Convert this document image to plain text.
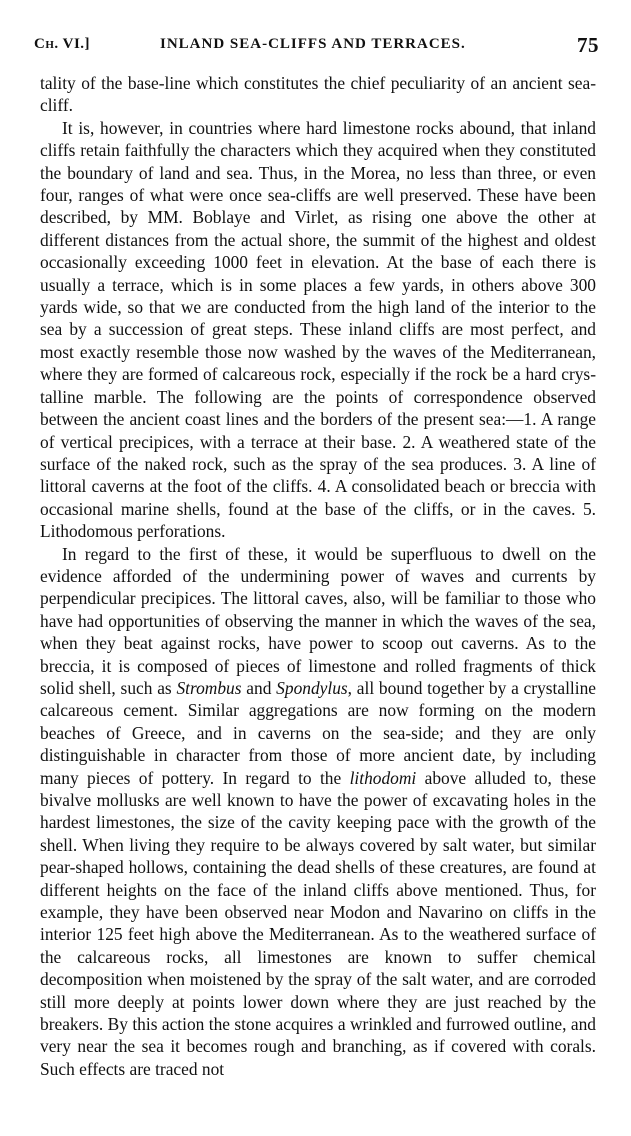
Ch. VI.]	INLAND SEA-CLIFFS AND TERRACES.	75

tality of the base-line which constitutes the chief peculiarity of an ancient sea-cliff.

It is, however, in countries where hard limestone rocks abound, that inland cliffs retain faithfully the characters which they acquired when they constituted the boundary of land and sea. Thus, in the Morea, no less than three, or even four, ranges of what were once sea-cliffs are well preserved. These have been described, by MM. Boblaye and Virlet, as rising one above the other at different distances from the actual shore, the summit of the highest and oldest occasionally exceeding 1000 feet in elevation. At the base of each there is usually a terrace, which is in some places a few yards, in others above 300 yards wide, so that we are conducted from the high land of the interior to the sea by a succession of great steps. These inland cliffs are most perfect, and most exactly resemble those now washed by the waves of the Mediterranean, where they are formed of calcareous rock, especially if the rock be a hard crystalline marble. The following are the points of correspondence observed between the ancient coast lines and the borders of the present sea:—1. A range of vertical precipices, with a terrace at their base. 2. A weathered state of the surface of the naked rock, such as the spray of the sea produces. 3. A line of littoral caverns at the foot of the cliffs. 4. A consolidated beach or breccia with occasional marine shells, found at the base of the cliffs, or in the caves. 5. Lithodomous perforations.

In regard to the first of these, it would be superfluous to dwell on the evidence afforded of the undermining power of waves and currents by perpendicular precipices. The littoral caves, also, will be familiar to those who have had opportunities of observing the manner in which the waves of the sea, when they beat against rocks, have power to scoop out caverns. As to the breccia, it is composed of pieces of limestone and rolled fragments of thick solid shell, such as Strombus and Spondylus, all bound together by a crystalline calcareous cement. Similar aggregations are now forming on the modern beaches of Greece, and in caverns on the sea-side; and they are only distinguishable in character from those of more ancient date, by including many pieces of pottery. In regard to the lithodomi above alluded to, these bivalve mollusks are well known to have the power of excavating holes in the hardest limestones, the size of the cavity keeping pace with the growth of the shell. When living they require to be always covered by salt water, but similar pear-shaped hollows, containing the dead shells of these creatures, are found at different heights on the face of the inland cliffs above mentioned. Thus, for example, they have been observed near Modon and Navarino on cliffs in the interior 125 feet high above the Mediterranean. As to the weathered surface of the calcareous rocks, all limestones are known to suffer chemical decomposition when moistened by the spray of the salt water, and are corroded still more deeply at points lower down where they are just reached by the breakers. By this action the stone acquires a wrinkled and furrowed outline, and very near the sea it becomes rough and branching, as if covered with corals. Such effects are traced not
